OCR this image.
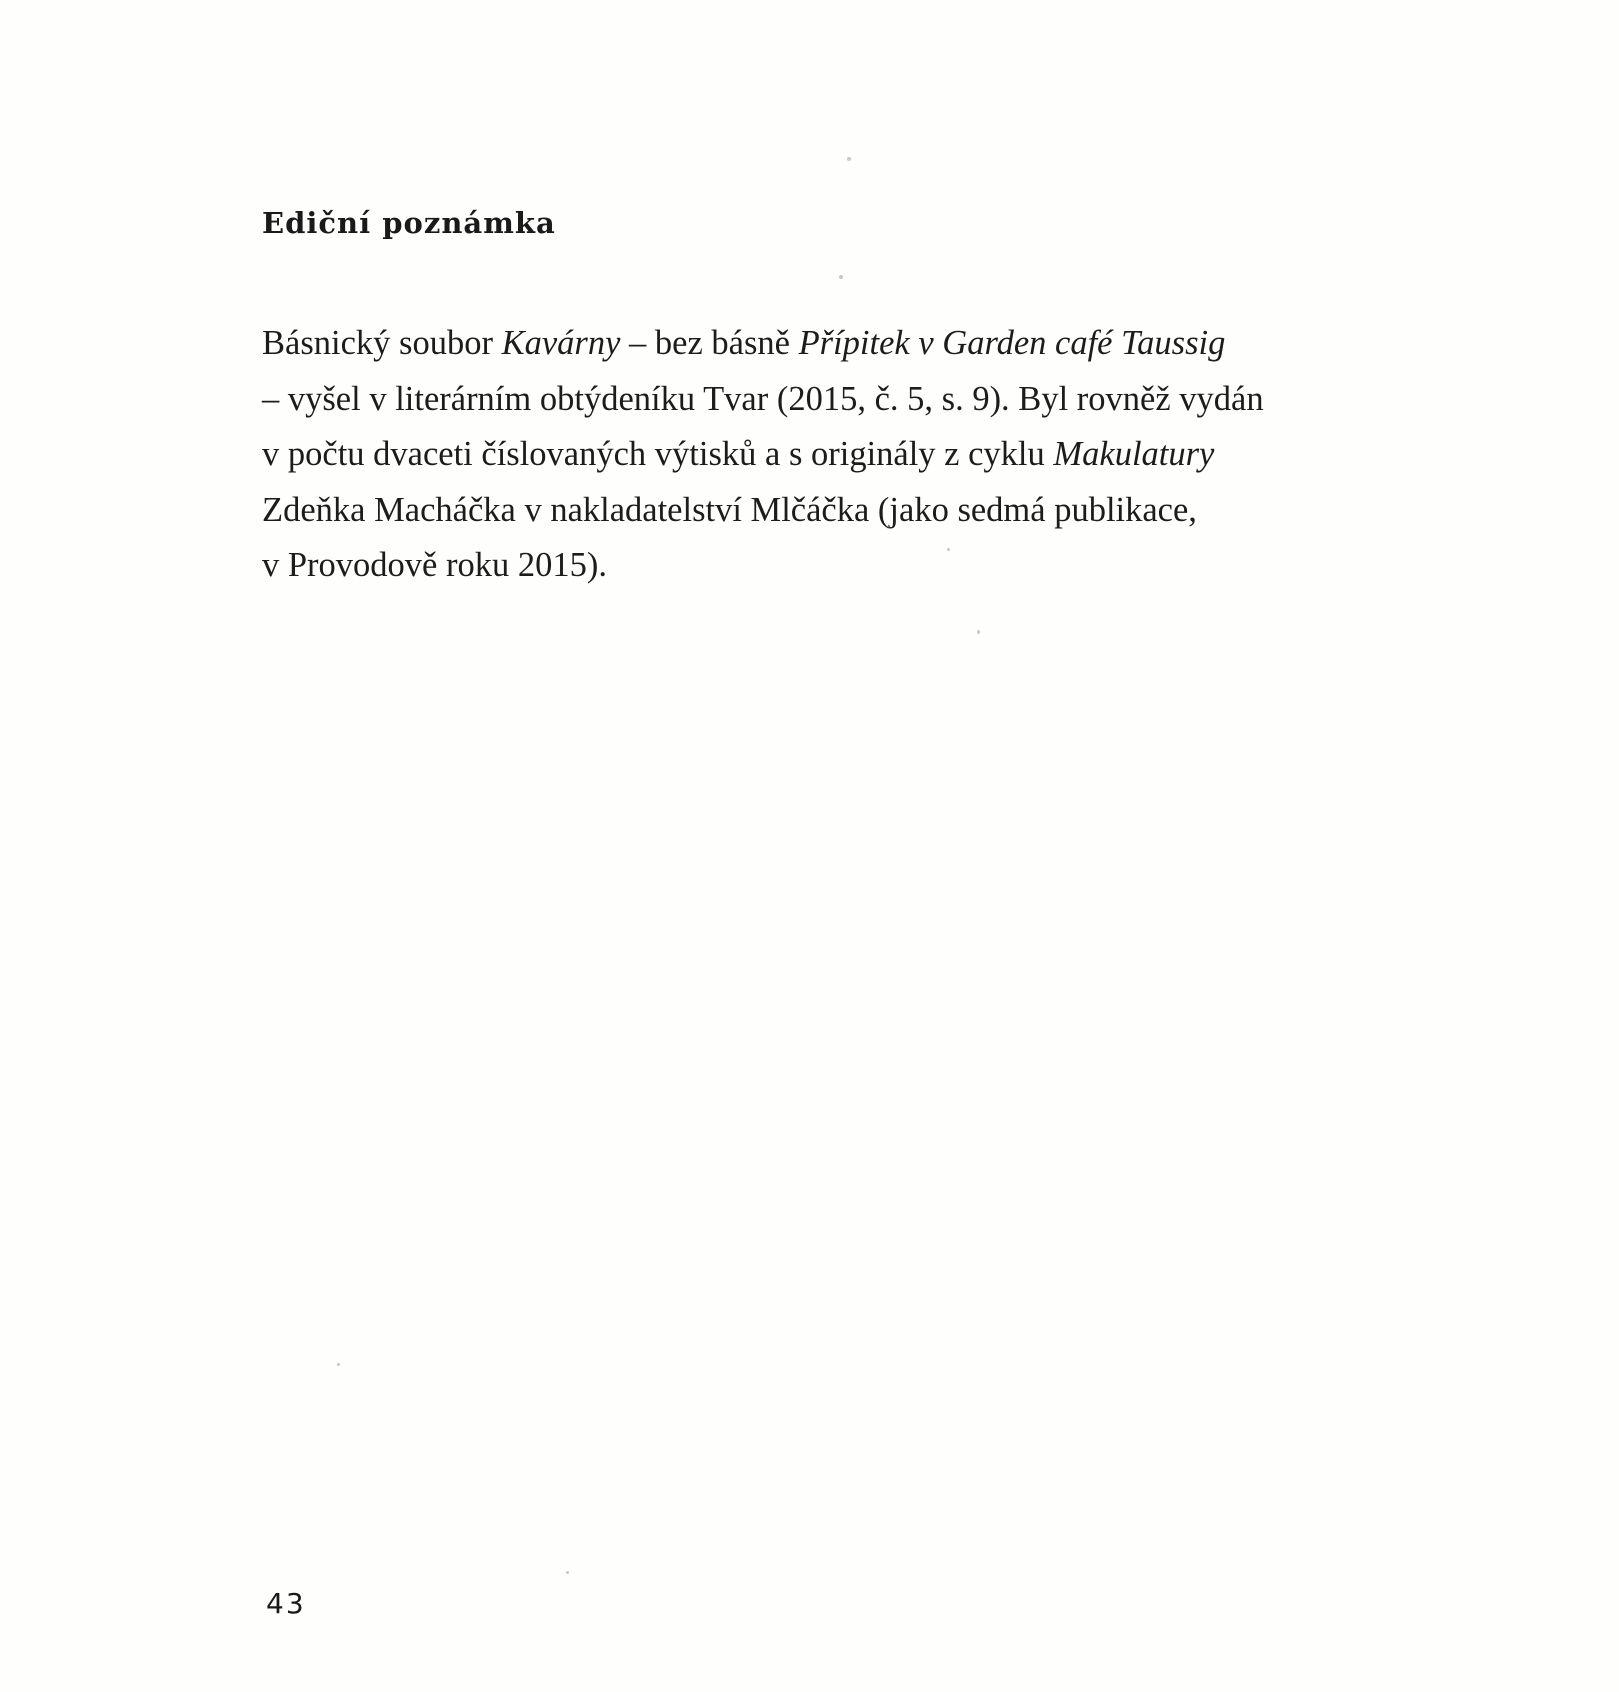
Ediční poznámka

Básnický soubor Kavárny – bez básně Přípitek v Garden café Taussig
– vyšel v literárním obtýdeníku Tvar (2015, č. 5, s. 9). Byl rovněž vydán
v počtu dvaceti číslovaných výtisků a s originály z cyklu Makulatury
Zdeňka Macháčka v nakladatelství Mlčáčka (jako sedmá publikace,
v Provodově roku 2015).

43
